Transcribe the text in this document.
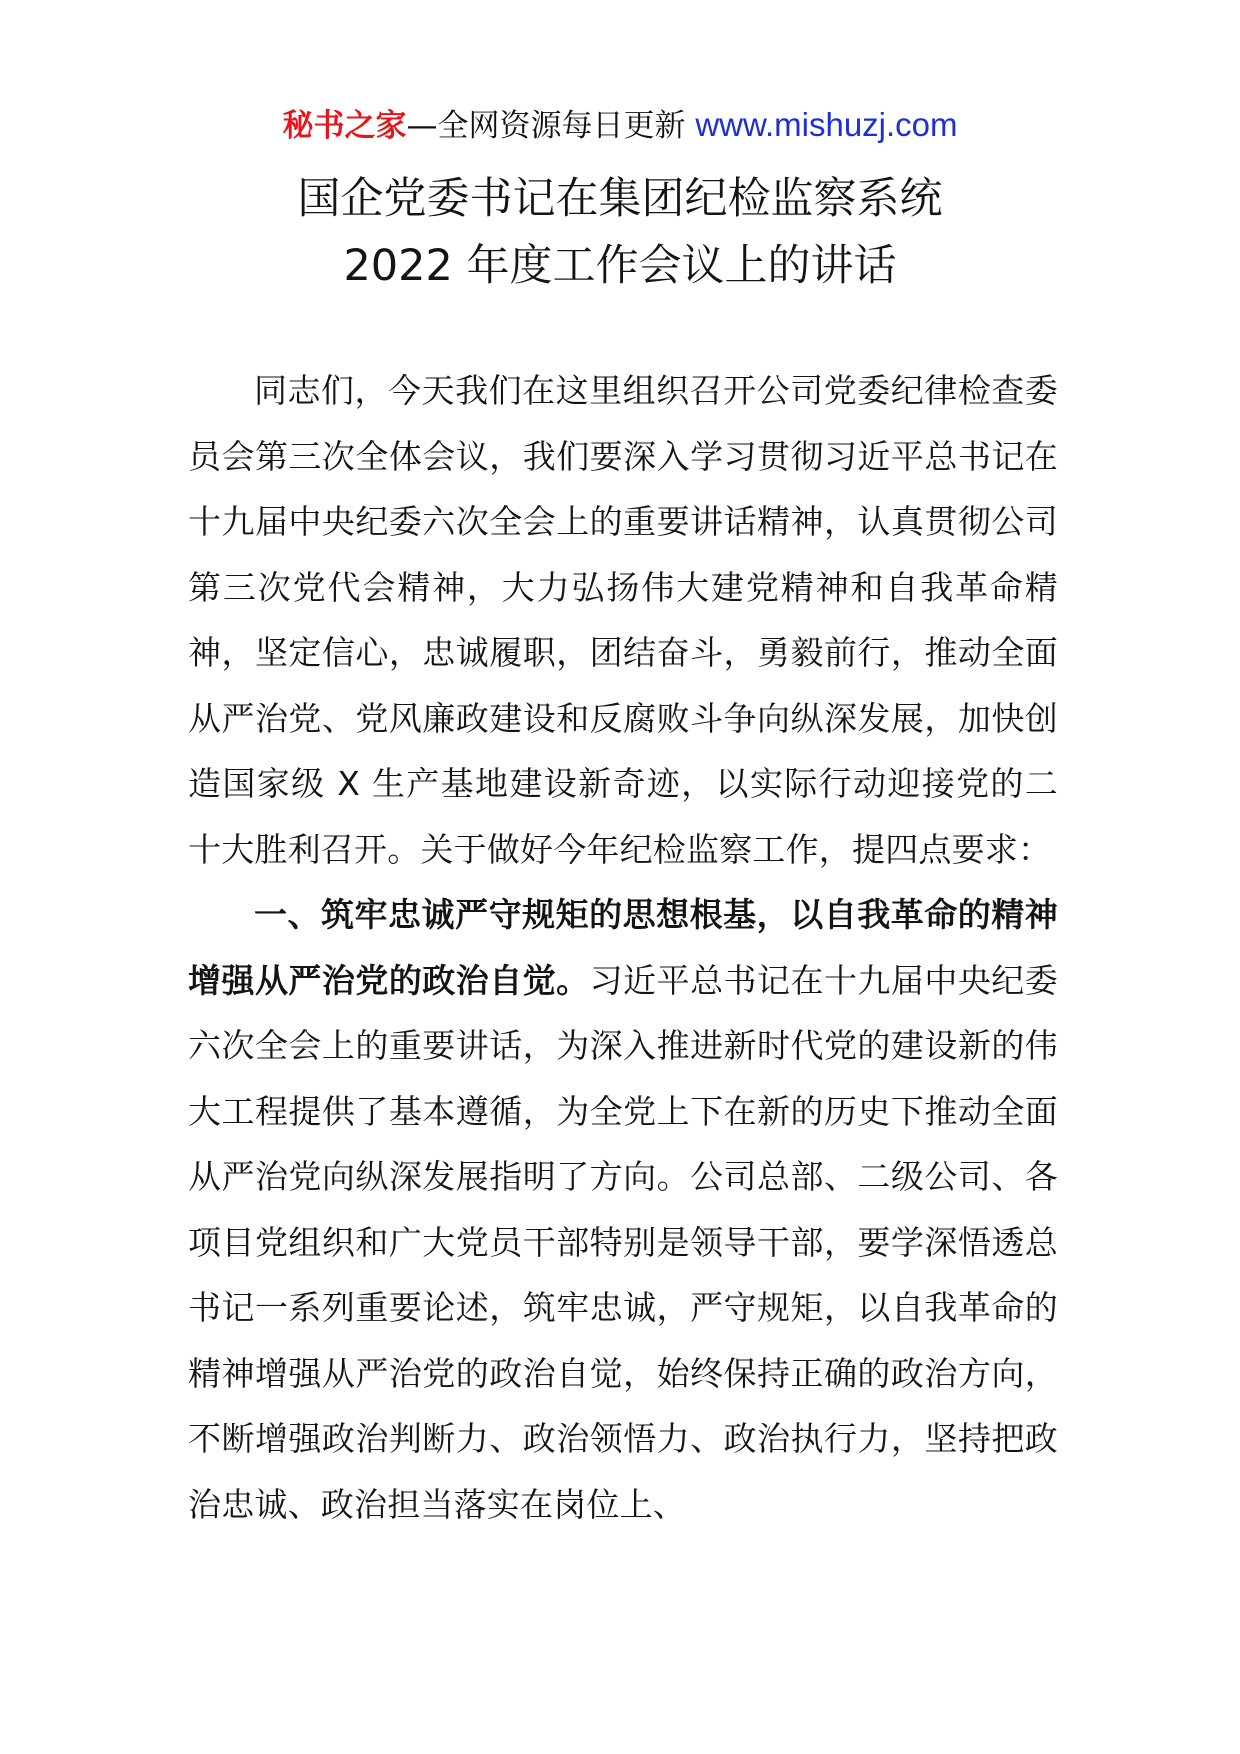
秘书之家—全网资源每日更新 www.mishuzj.com
国企党委书记在集团纪检监察系统
2022 年度工作会议上的讲话

同志们，今天我们在这里组织召开公司党委纪律检查委员会第三次全体会议，我们要深入学习贯彻习近平总书记在十九届中央纪委六次全会上的重要讲话精神，认真贯彻公司第三次党代会精神，大力弘扬伟大建党精神和自我革命精神，坚定信心，忠诚履职，团结奋斗，勇毅前行，推动全面从严治党、党风廉政建设和反腐败斗争向纵深发展，加快创造国家级 X 生产基地建设新奇迹，以实际行动迎接党的二十大胜利召开。关于做好今年纪检监察工作，提四点要求：

一、筑牢忠诚严守规矩的思想根基，以自我革命的精神增强从严治党的政治自觉。习近平总书记在十九届中央纪委六次全会上的重要讲话，为深入推进新时代党的建设新的伟大工程提供了基本遵循，为全党上下在新的历史下推动全面从严治党向纵深发展指明了方向。公司总部、二级公司、各项目党组织和广大党员干部特别是领导干部，要学深悟透总书记一系列重要论述，筑牢忠诚，严守规矩，以自我革命的精神增强从严治党的政治自觉，始终保持正确的政治方向，不断增强政治判断力、政治领悟力、政治执行力，坚持把政治忠诚、政治担当落实在岗位上、
